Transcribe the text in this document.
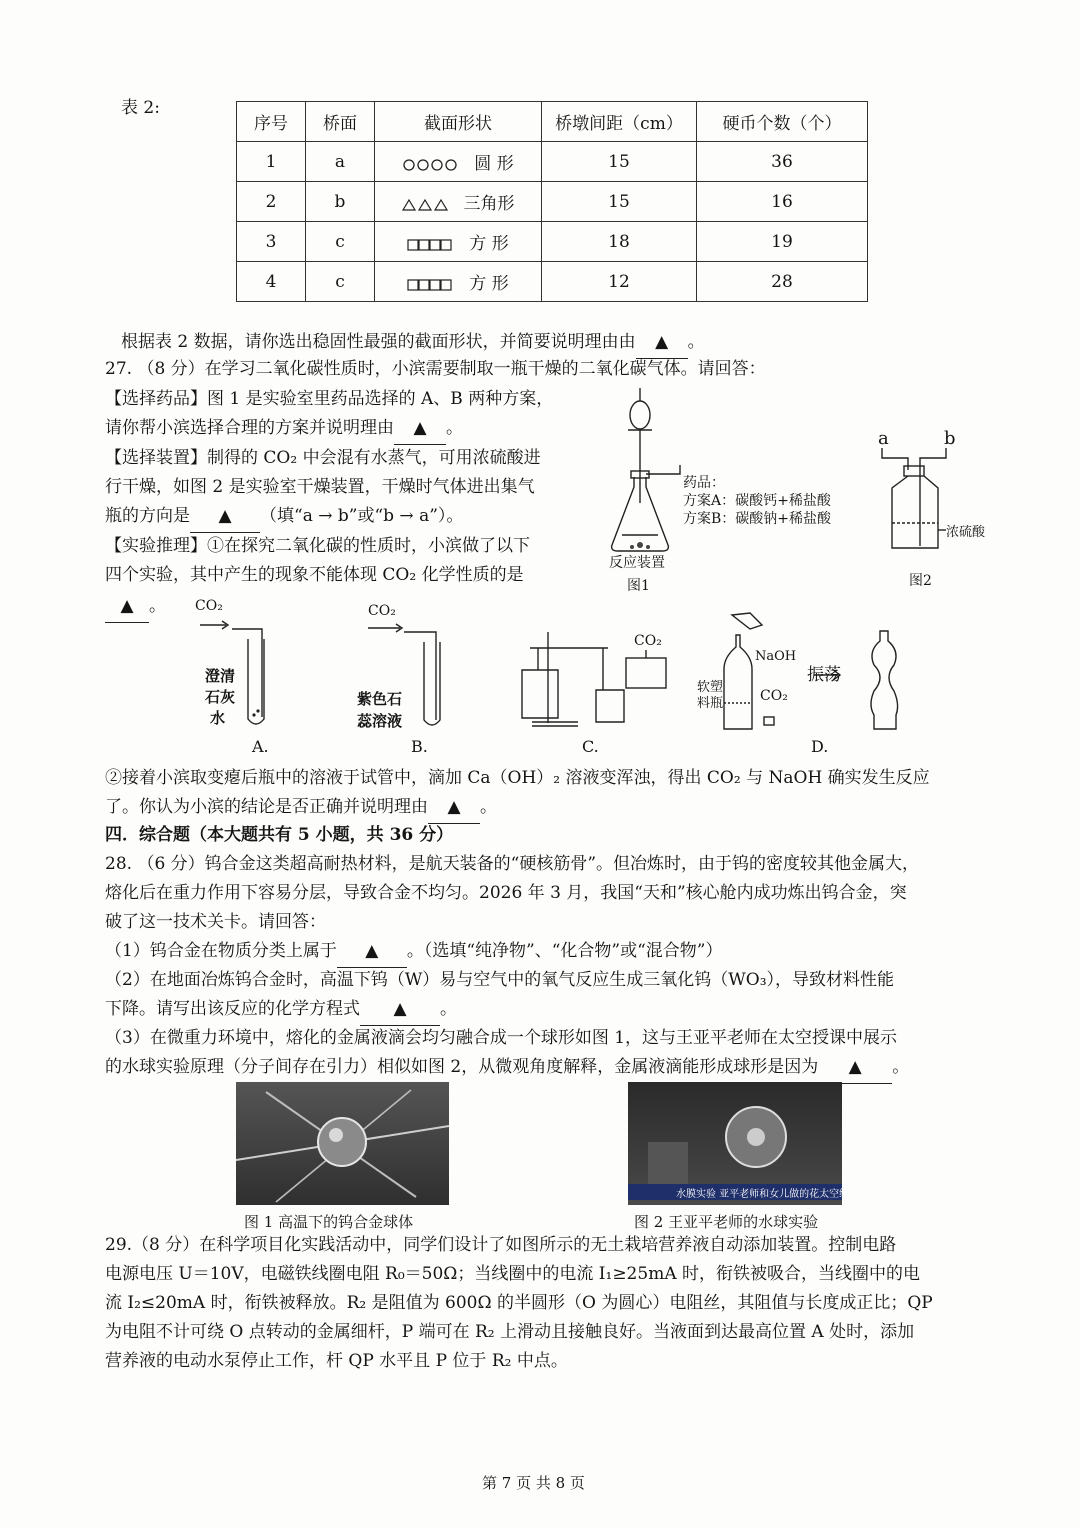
表 2:
序号	桥面	截面形状	桥墩间距（cm）	硬币个数（个）
1	a	圆 形	15	36
2	b	三角形	15	16
3	c	方 形	18	19
4	c	方 形	12	28
根据表 2 数据，请你选出稳固性最强的截面形状，并简要说明理由由 ▲ 。
27. （8 分）在学习二氧化碳性质时，小滨需要制取一瓶干燥的二氧化碳气体。请回答：
【选择药品】图 1 是实验室里药品选择的 A、B 两种方案，
请你帮小滨选择合理的方案并说明理由 ▲ 。
【选择装置】制得的 CO₂ 中会混有水蒸气，可用浓硫酸进
行干燥，如图 2 是实验室干燥装置，干燥时气体进出集气
瓶的方向是 ▲ （填“a → b”或“b → a”）。
【实验推理】①在探究二氧化碳的性质时，小滨做了以下
四个实验，其中产生的现象不能体现 CO₂ 化学性质的是
▲ 。
反应装置
图1
药品：
方案A：碳酸钙+稀盐酸
方案B：碳酸钠+稀盐酸
a	b
浓硫酸
图2
CO₂
澄清
石灰
水
A.
CO₂
紫色石
蕊溶液
B.
CO₂
C.
NaOH
软塑
料瓶	CO₂
振荡
D.
②接着小滨取变瘪后瓶中的溶液于试管中，滴加 Ca（OH）₂ 溶液变浑浊，得出 CO₂ 与 NaOH 确实发生反应
了。你认为小滨的结论是否正确并说明理由 ▲ 。
四．综合题（本大题共有 5 小题，共 36 分）
28. （6 分）钨合金这类超高耐热材料，是航天装备的“硬核筋骨”。但冶炼时，由于钨的密度较其他金属大，
熔化后在重力作用下容易分层，导致合金不均匀。2026 年 3 月，我国“天和”核心舱内成功炼出钨合金，突
破了这一技术关卡。请回答：
（1）钨合金在物质分类上属于 ▲ 。（选填“纯净物”、“化合物”或“混合物”）
（2）在地面冶炼钨合金时，高温下钨（W）易与空气中的氧气反应生成三氧化钨（WO₃），导致材料性能
下降。请写出该反应的化学方程式 ▲ 。
（3）在微重力环境中，熔化的金属液滴会均匀融合成一个球形如图 1，这与王亚平老师在太空授课中展示
的水球实验原理（分子间存在引力）相似如图 2，从微观角度解释，金属液滴能形成球形是因为 ▲ 。
水膜实验 亚平老师和女儿做的花太空绽开
图 1 高温下的钨合金球体	图 2 王亚平老师的水球实验
29.（8 分）在科学项目化实践活动中，同学们设计了如图所示的无土栽培营养液自动添加装置。控制电路
电源电压 U＝10V，电磁铁线圈电阻 R₀＝50Ω；当线圈中的电流 I₁≥25mA 时，衔铁被吸合，当线圈中的电
流 I₂≤20mA 时，衔铁被释放。R₂ 是阻值为 600Ω 的半圆形（O 为圆心）电阻丝，其阻值与长度成正比；QP
为电阻不计可绕 O 点转动的金属细杆，P 端可在 R₂ 上滑动且接触良好。当液面到达最高位置 A 处时，添加
营养液的电动水泵停止工作，杆 QP 水平且 P 位于 R₂ 中点。
第 7 页 共 8 页
